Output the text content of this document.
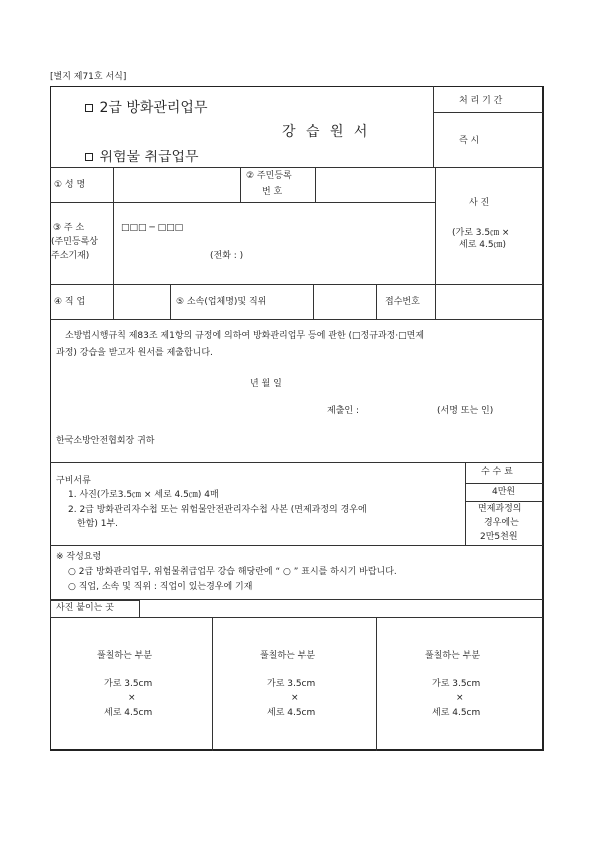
[별지 제71호 서식]
처 리 기 간
즉 시
2급 방화관리업무
강 습 원 서
위험물 취급업무
① 성 명
② 주민등록
번 호
사 진
(가로 3.5㎝ ×
세로 4.5㎝)
③ 주 소
(주민등록상
주소기재)
□□□ ─ □□□
(전화 : )
④ 직 업	⑤ 소속(업체명)및 직위	접수번호
소방법시행규칙 제83조 제1항의 규정에 의하여 방화관리업무 등에 관한 (□정규과정·□면제
과정) 강습을 받고자 원서를 제출합니다.
년 월 일
제출인 :	(서명 또는 인)
한국소방안전협회장 귀하
수 수 료
4만원
면제과정의
경우에는
2만5천원
구비서류
1. 사진(가로3.5㎝ × 세로 4.5㎝) 4매
2. 2급 방화관리자수첩 또는 위험물안전관리자수첩 사본 (면제과정의 경우에
한함) 1부.
※ 작성요령
○ 2급 방화관리업무, 위험물취급업무 강습 해당란에 “ ○ ” 표시를 하시기 바랍니다.
○ 직업, 소속 및 직위 : 직업이 있는경우에 기재
사진 붙이는 곳
풀칠하는 부분
가로 3.5cm
×
세로 4.5cm
풀칠하는 부분
가로 3.5cm
×
세로 4.5cm
풀칠하는 부분
가로 3.5cm
×
세로 4.5cm
